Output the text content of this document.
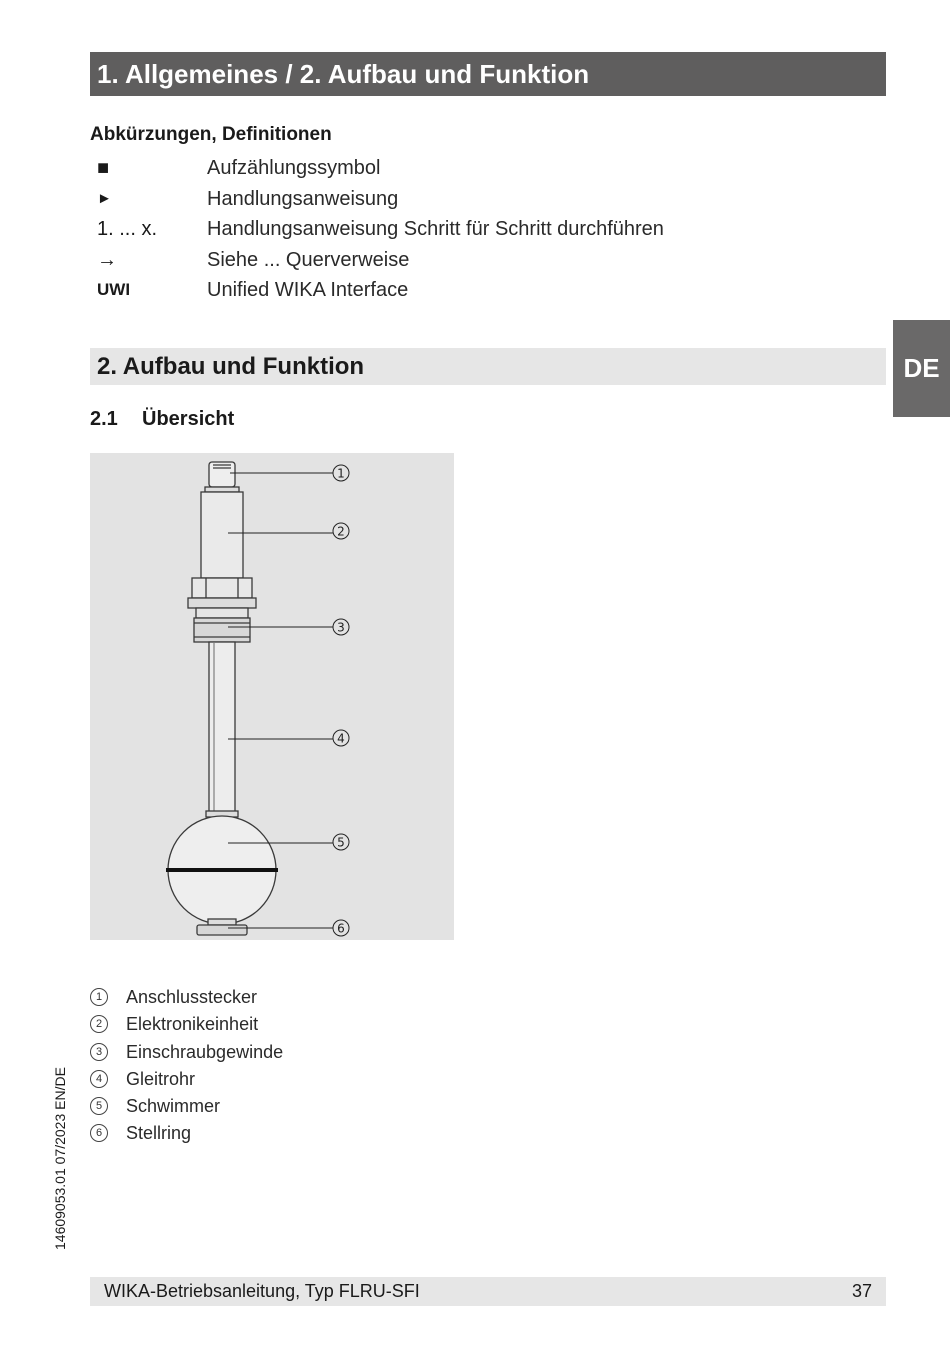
1. Allgemeines / 2. Aufbau und Funktion
Abkürzungen, Definitionen
■	Aufzählungssymbol
►	Handlungsanweisung
1. ... x.	Handlungsanweisung Schritt für Schritt durchführen
→	Siehe ... Querverweise
UWI	Unified WIKA Interface
2. Aufbau und Funktion	DE
2.1 Übersicht
1
2
3
4
5
6
1	Anschlusstecker
2	Elektronikeinheit
3	Einschraubgewinde
4	Gleitrohr
5	Schwimmer
6	Stellring
14609053.01 07/2023 EN/DE
WIKA-Betriebsanleitung, Typ FLRU-SFI	37
